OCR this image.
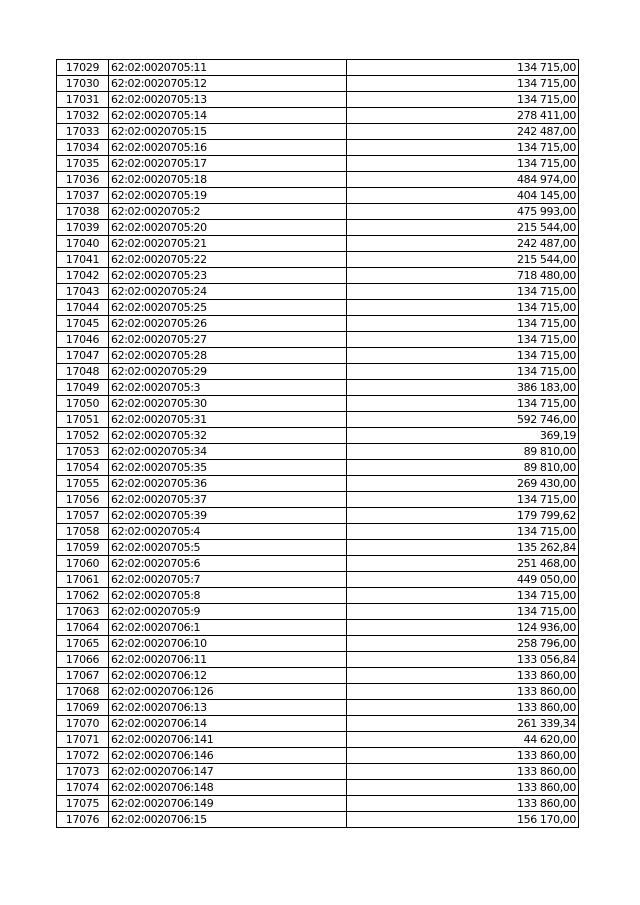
17029	62:02:0020705:11	134 715,00
17030	62:02:0020705:12	134 715,00
17031	62:02:0020705:13	134 715,00
17032	62:02:0020705:14	278 411,00
17033	62:02:0020705:15	242 487,00
17034	62:02:0020705:16	134 715,00
17035	62:02:0020705:17	134 715,00
17036	62:02:0020705:18	484 974,00
17037	62:02:0020705:19	404 145,00
17038	62:02:0020705:2	475 993,00
17039	62:02:0020705:20	215 544,00
17040	62:02:0020705:21	242 487,00
17041	62:02:0020705:22	215 544,00
17042	62:02:0020705:23	718 480,00
17043	62:02:0020705:24	134 715,00
17044	62:02:0020705:25	134 715,00
17045	62:02:0020705:26	134 715,00
17046	62:02:0020705:27	134 715,00
17047	62:02:0020705:28	134 715,00
17048	62:02:0020705:29	134 715,00
17049	62:02:0020705:3	386 183,00
17050	62:02:0020705:30	134 715,00
17051	62:02:0020705:31	592 746,00
17052	62:02:0020705:32	369,19
17053	62:02:0020705:34	89 810,00
17054	62:02:0020705:35	89 810,00
17055	62:02:0020705:36	269 430,00
17056	62:02:0020705:37	134 715,00
17057	62:02:0020705:39	179 799,62
17058	62:02:0020705:4	134 715,00
17059	62:02:0020705:5	135 262,84
17060	62:02:0020705:6	251 468,00
17061	62:02:0020705:7	449 050,00
17062	62:02:0020705:8	134 715,00
17063	62:02:0020705:9	134 715,00
17064	62:02:0020706:1	124 936,00
17065	62:02:0020706:10	258 796,00
17066	62:02:0020706:11	133 056,84
17067	62:02:0020706:12	133 860,00
17068	62:02:0020706:126	133 860,00
17069	62:02:0020706:13	133 860,00
17070	62:02:0020706:14	261 339,34
17071	62:02:0020706:141	44 620,00
17072	62:02:0020706:146	133 860,00
17073	62:02:0020706:147	133 860,00
17074	62:02:0020706:148	133 860,00
17075	62:02:0020706:149	133 860,00
17076	62:02:0020706:15	156 170,00
